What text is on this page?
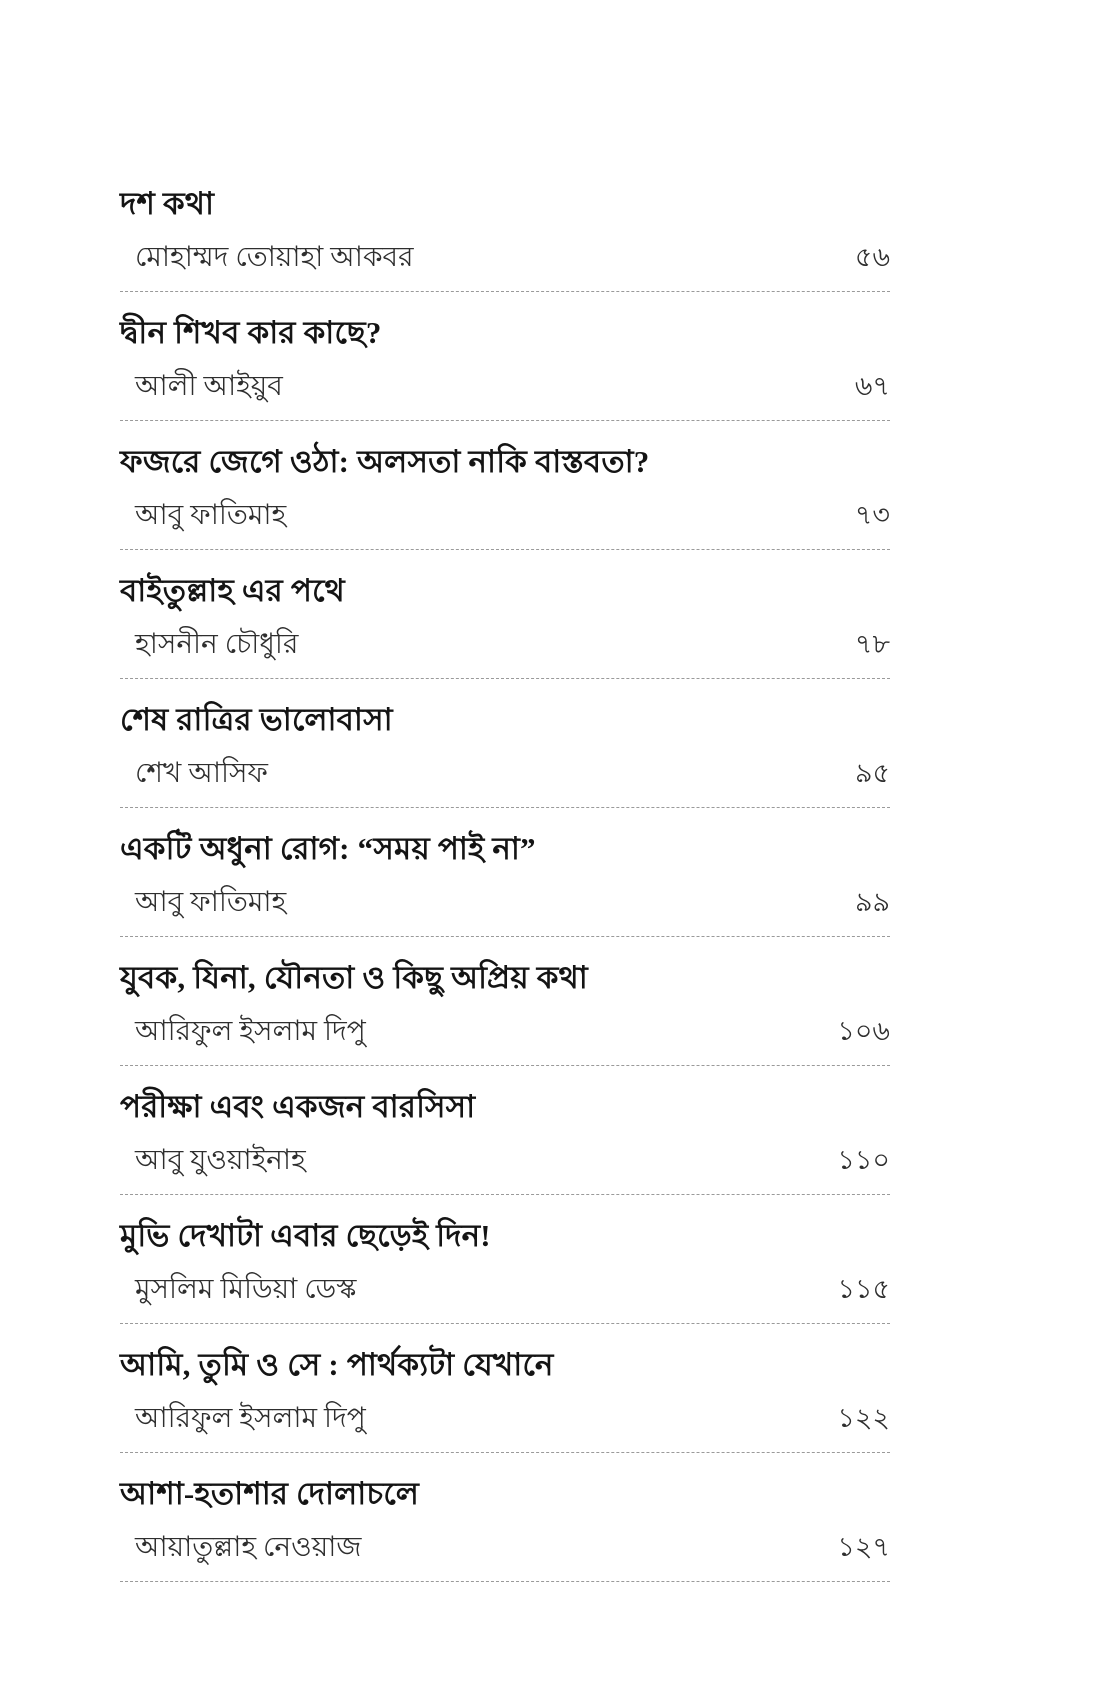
দশ কথা
মোহাম্মদ তোয়াহা আকবর	৫৬
দ্বীন শিখব কার কাছে?
আলী আইয়ুব	৬৭
ফজরে জেগে ওঠা: অলসতা নাকি বাস্তবতা?
আবু ফাতিমাহ	৭৩
বাইতুল্লাহ এর পথে
হাসনীন চৌধুরি	৭৮
শেষ রাত্রির ভালোবাসা
শেখ আসিফ	৯৫
একটি অধুনা রোগ: “সময় পাই না”
আবু ফাতিমাহ	৯৯
যুবক, যিনা, যৌনতা ও কিছু অপ্রিয় কথা
আরিফুল ইসলাম দিপু	১০৬
পরীক্ষা এবং একজন বারসিসা
আবু যুওয়াইনাহ	১১০
মুভি দেখাটা এবার ছেড়েই দিন!
মুসলিম মিডিয়া ডেস্ক	১১৫
আমি, তুমি ও সে : পার্থক্যটা যেখানে
আরিফুল ইসলাম দিপু	১২২
আশা-হতাশার দোলাচলে
আয়াতুল্লাহ নেওয়াজ	১২৭
